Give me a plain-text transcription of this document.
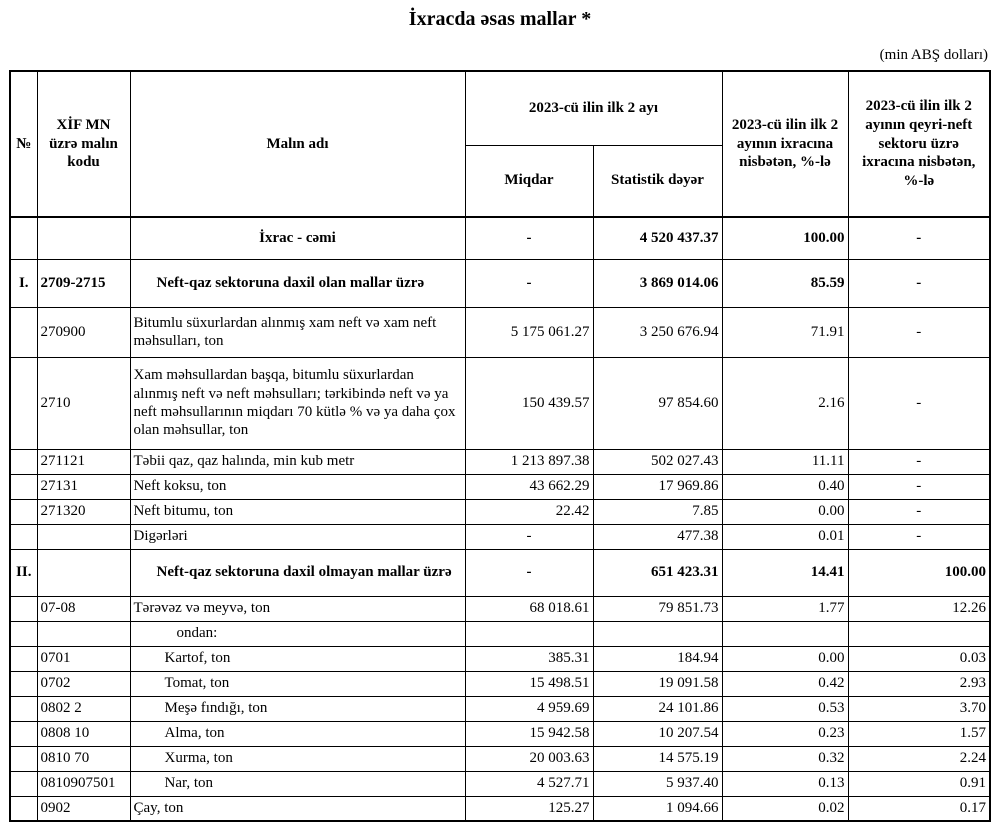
İxracda əsas mallar *
(min ABŞ dolları)
№	XİF MN üzrə malın kodu	Malın adı	2023-cü ilin ilk 2 ayı		2023-cü ilin ilk 2 ayının ixracına nisbətən, %-lə	2023-cü ilin ilk 2 ayının qeyri-neft sektoru üzrə ixracına nisbətən, %-lə
			Miqdar	Statistik dəyər		
		İxrac - cəmi	-	4 520 437.37	100.00	-
I.	2709-2715	Neft-qaz sektoruna daxil olan mallar üzrə	-	3 869 014.06	85.59	-
	270900	Bitumlu süxurlardan alınmış xam neft və xam neft məhsulları, ton	5 175 061.27	3 250 676.94	71.91	-
	2710	Xam məhsullardan başqa, bitumlu süxurlardan alınmış neft və neft məhsulları; tərkibində neft və ya neft məhsullarının miqdarı 70 kütlə % və ya daha çox olan məhsullar, ton	150 439.57	97 854.60	2.16	-
	271121	Təbii qaz, qaz halında, min kub metr	1 213 897.38	502 027.43	11.11	-
	27131	Neft koksu, ton	43 662.29	17 969.86	0.40	-
	271320	Neft bitumu, ton	22.42	7.85	0.00	-
		Digərləri	-	477.38	0.01	-
II.		Neft-qaz sektoruna daxil olmayan mallar üzrə	-	651 423.31	14.41	100.00
	07-08	Tərəvəz və meyvə, ton	68 018.61	79 851.73	1.77	12.26
		ondan:				
	0701	Kartof, ton	385.31	184.94	0.00	0.03
	0702	Tomat, ton	15 498.51	19 091.58	0.42	2.93
	0802 2	Meşə fındığı, ton	4 959.69	24 101.86	0.53	3.70
	0808 10	Alma, ton	15 942.58	10 207.54	0.23	1.57
	0810 70	Xurma, ton	20 003.63	14 575.19	0.32	2.24
	0810907501	Nar, ton	4 527.71	5 937.40	0.13	0.91
	0902	Çay, ton	125.27	1 094.66	0.02	0.17
